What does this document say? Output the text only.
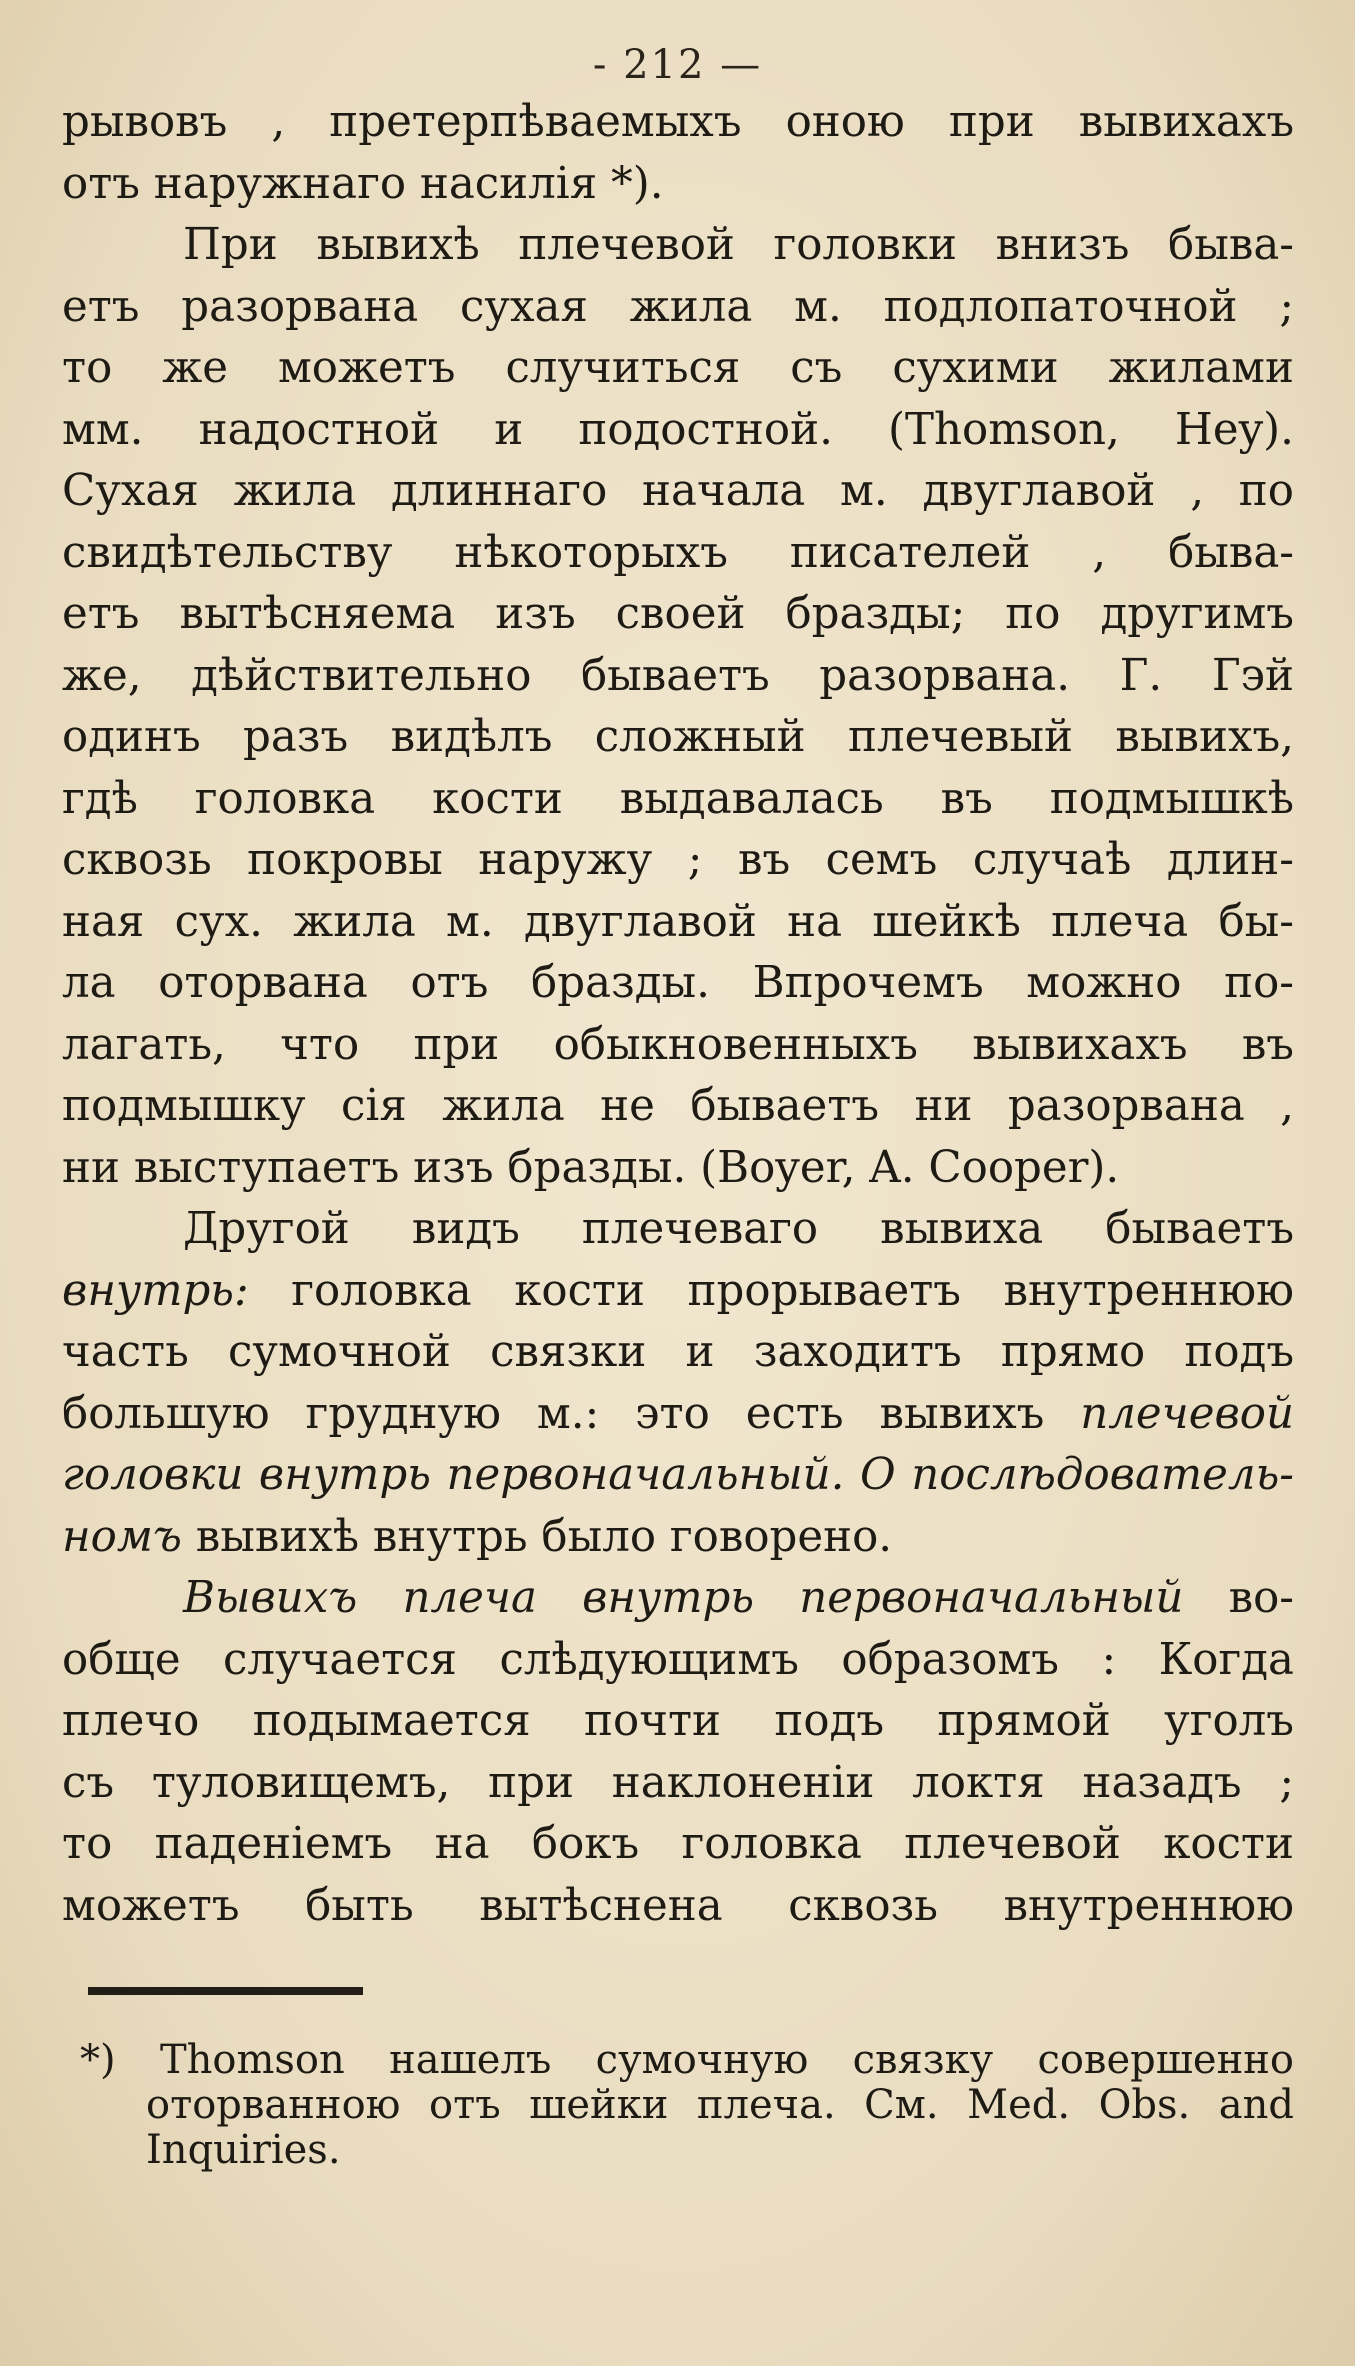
- 212 —
рывовъ , претерпѣваемыхъ оною при вывихахъ
отъ наружнаго насилія *).
При вывихѣ плечевой головки внизъ быва-
етъ разорвана сухая жила м. подлопаточной ;
то же можетъ случиться съ сухими жилами
мм. надостной и подостной. (Thomson, Hey).
Сухая жила длиннаго начала м. двуглавой , по
свидѣтельству нѣкоторыхъ писателей , быва-
етъ вытѣсняема изъ своей бразды; по другимъ
же, дѣйствительно бываетъ разорвана. Г. Гэй
одинъ разъ видѣлъ сложный плечевый вывихъ,
гдѣ головка кости выдавалась въ подмышкѣ
сквозь покровы наружу ; въ семъ случаѣ длин-
ная сух. жила м. двуглавой на шейкѣ плеча бы-
ла оторвана отъ бразды. Впрочемъ можно по-
лагать, что при обыкновенныхъ вывихахъ въ
подмышку сія жила не бываетъ ни разорвана ,
ни выступаетъ изъ бразды. (Boyer, A. Cooper).
Другой видъ плечеваго вывиха бываетъ
внутрь: головка кости прорываетъ внутреннюю
часть сумочной связки и заходитъ прямо подъ
большую грудную м.: это есть вывихъ плечевой
головки внутрь первоначальный. О послѣдователь-
номъ вывихѣ внутрь было говорено.
Вывихъ плеча внутрь первоначальный во-
обще случается слѣдующимъ образомъ : Когда
плечо подымается почти подъ прямой уголъ
съ туловищемъ, при наклоненіи локтя назадъ ;
то паденіемъ на бокъ головка плечевой кости
можетъ быть вытѣснена сквозь внутреннюю
*) Thomson нашелъ сумочную связку совершенно
оторванною отъ шейки плеча. См. Med. Obs. and
Inquiries.
